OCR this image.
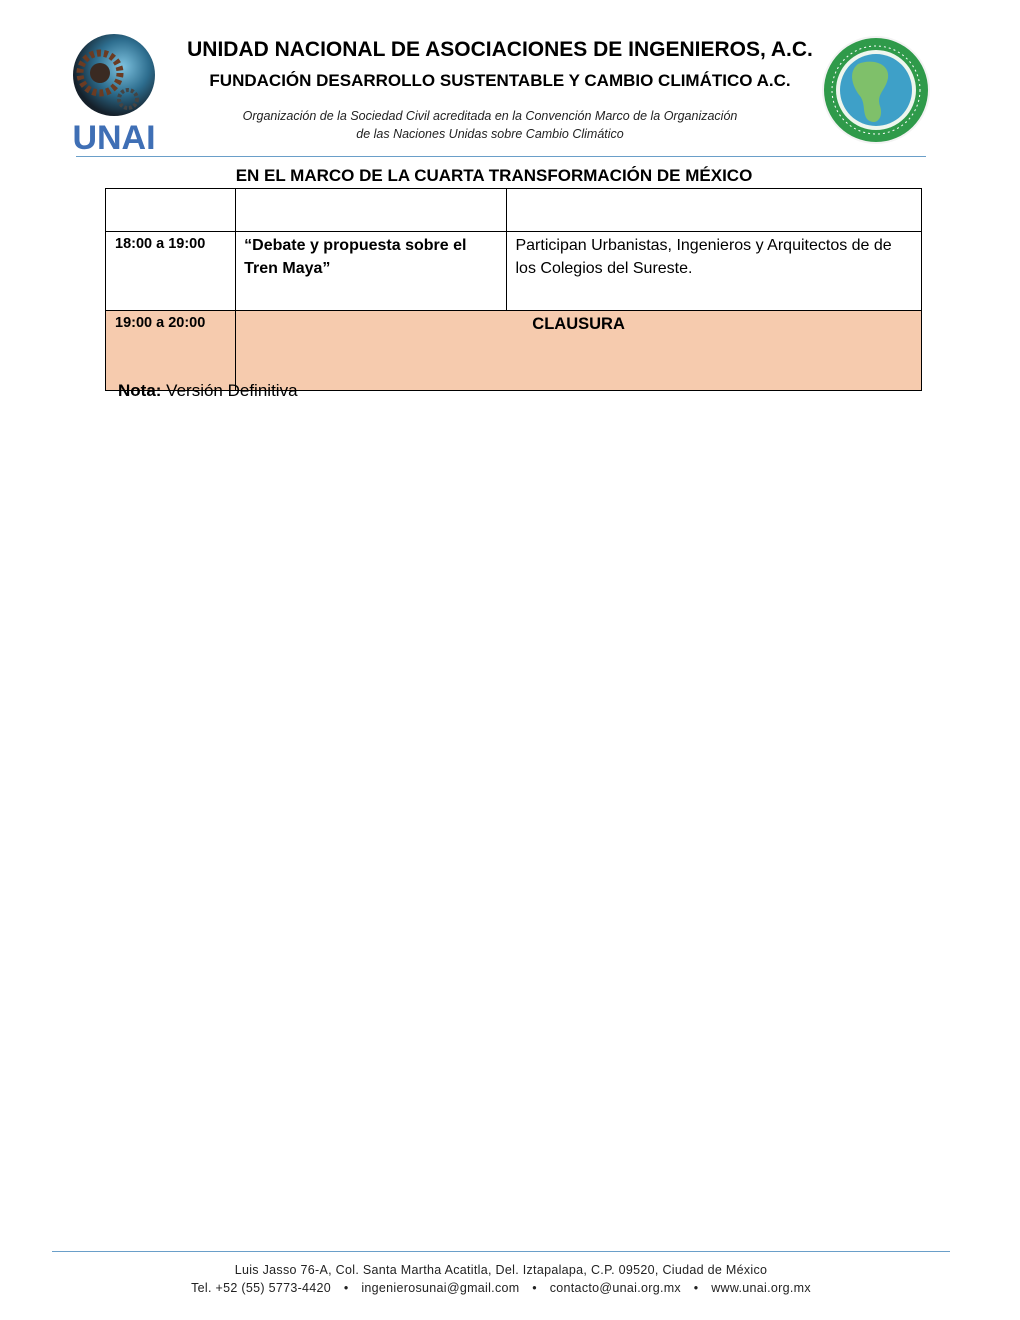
UNAI
UNIDAD NACIONAL DE ASOCIACIONES DE INGENIEROS, A.C.
FUNDACIÓN DESARROLLO SUSTENTABLE Y CAMBIO CLIMÁTICO A.C.
Organización de la Sociedad Civil acreditada en la Convención Marco de la Organización
de las Naciones Unidas sobre Cambio Climático
EN EL MARCO DE LA CUARTA TRANSFORMACIÓN DE MÉXICO

18:00 a 19:00	“Debate y propuesta sobre el Tren Maya”	Participan Urbanistas, Ingenieros y Arquitectos de de los Colegios del Sureste.
19:00 a 20:00	CLAUSURA	
Nota: Versión Definitiva
Luis Jasso 76-A, Col. Santa Martha Acatitla, Del. Iztapalapa, C.P. 09520, Ciudad de México
Tel. +52 (55) 5773-4420 • ingenierosunai@gmail.com • contacto@unai.org.mx • www.unai.org.mx
